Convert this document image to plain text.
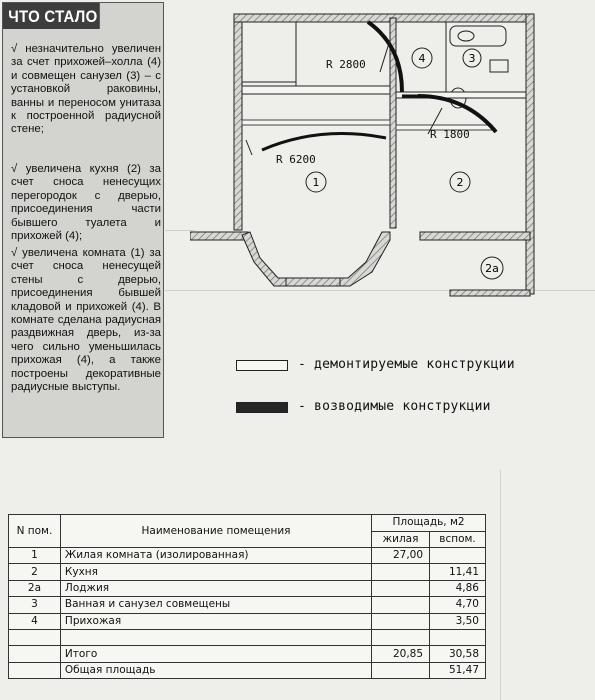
ЧТО СТАЛО
√ незначительно увеличен за счет прихожей–холла (4) и совмещен санузел (3) – с установкой раковины, ванны и переносом унитаза к построенной радиусной стене;
√ увеличена кухня (2) за счет сноса ненесущих перегородок с дверью, присоединения части бывшего туалета и прихожей (4);
√ увеличена комната (1) за счет сноса ненесущей стены с дверью, присоединения бывшей кладовой и прихожей (4). В комнате сделана радиусная раздвижная дверь, из-за чего сильно уменьшилась прихожая (4), а также построены декоративные радиусные выступы.
R 2800
R 6200
R 1800
1	2
2а
3
4
- демонтируемые конструкции
- возводимые конструкции
N пом.	Наименование помещения	Площадь, м2	
		жилая	вспом.
1	Жилая комната (изолированная)	27,00	
2	Кухня		11,41
2а	Лоджия		4,86
3	Ванная и санузел совмещены		4,70
4	Прихожая		3,50

	Итого	20,85	30,58
	Общая площадь		51,47
